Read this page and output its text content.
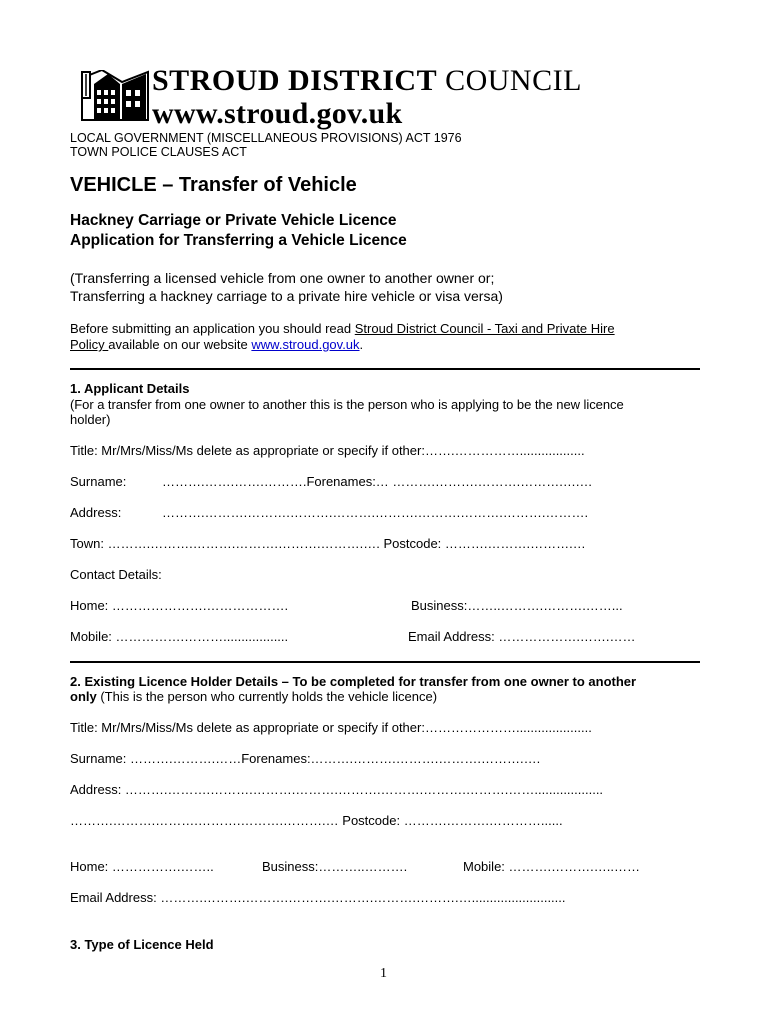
STROUD DISTRICT COUNCIL
www.stroud.gov.uk
LOCAL GOVERNMENT (MISCELLANEOUS PROVISIONS) ACT 1976
TOWN POLICE CLAUSES ACT
VEHICLE – Transfer of Vehicle
Hackney Carriage or Private Vehicle Licence
Application for Transferring a Vehicle Licence
(Transferring a licensed vehicle from one owner to another owner or;
Transferring a hackney carriage to a private hire vehicle or visa versa)
Before submitting an application you should read Stroud District Council - Taxi and Private Hire
Policy available on our website www.stroud.gov.uk.
1. Applicant Details
(For a transfer from one owner to another this is the person who is applying to be the new licence
holder)
Title: Mr/Mrs/Miss/Ms delete as appropriate or specify if other:…….……………..................
Surname:	……….…….…….……….Forenames:… ……….……….……….……….….…
Address:	……….……….……….……….……….……….……….……….……….……….
Town: ……….……….……….……….……….……….…. Postcode: ……….……….……….…
Contact Details:
Home: ………………….……………….	Business:……..……….……….……...
Mobile: …………….………..................	Email Address: ……………….…….……
2. Existing Licence Holder Details – To be completed for transfer from one owner to another
only (This is the person who currently holds the vehicle licence)
Title: Mr/Mrs/Miss/Ms delete as appropriate or specify if other:………………….....................
Surname: ……….……….……Forenames:……….……….……….……….……….….
Address: ……….……….……….……….……….……….……….……….……….……...................
……….……….……….……….……….……….… Postcode: ……….……….…………......
Home: …………….……..	Business:………..……….	Mobile: ……….……….…..……
Email Address: ……….……….……….……….……….……….……….…..........................
3. Type of Licence Held
1
